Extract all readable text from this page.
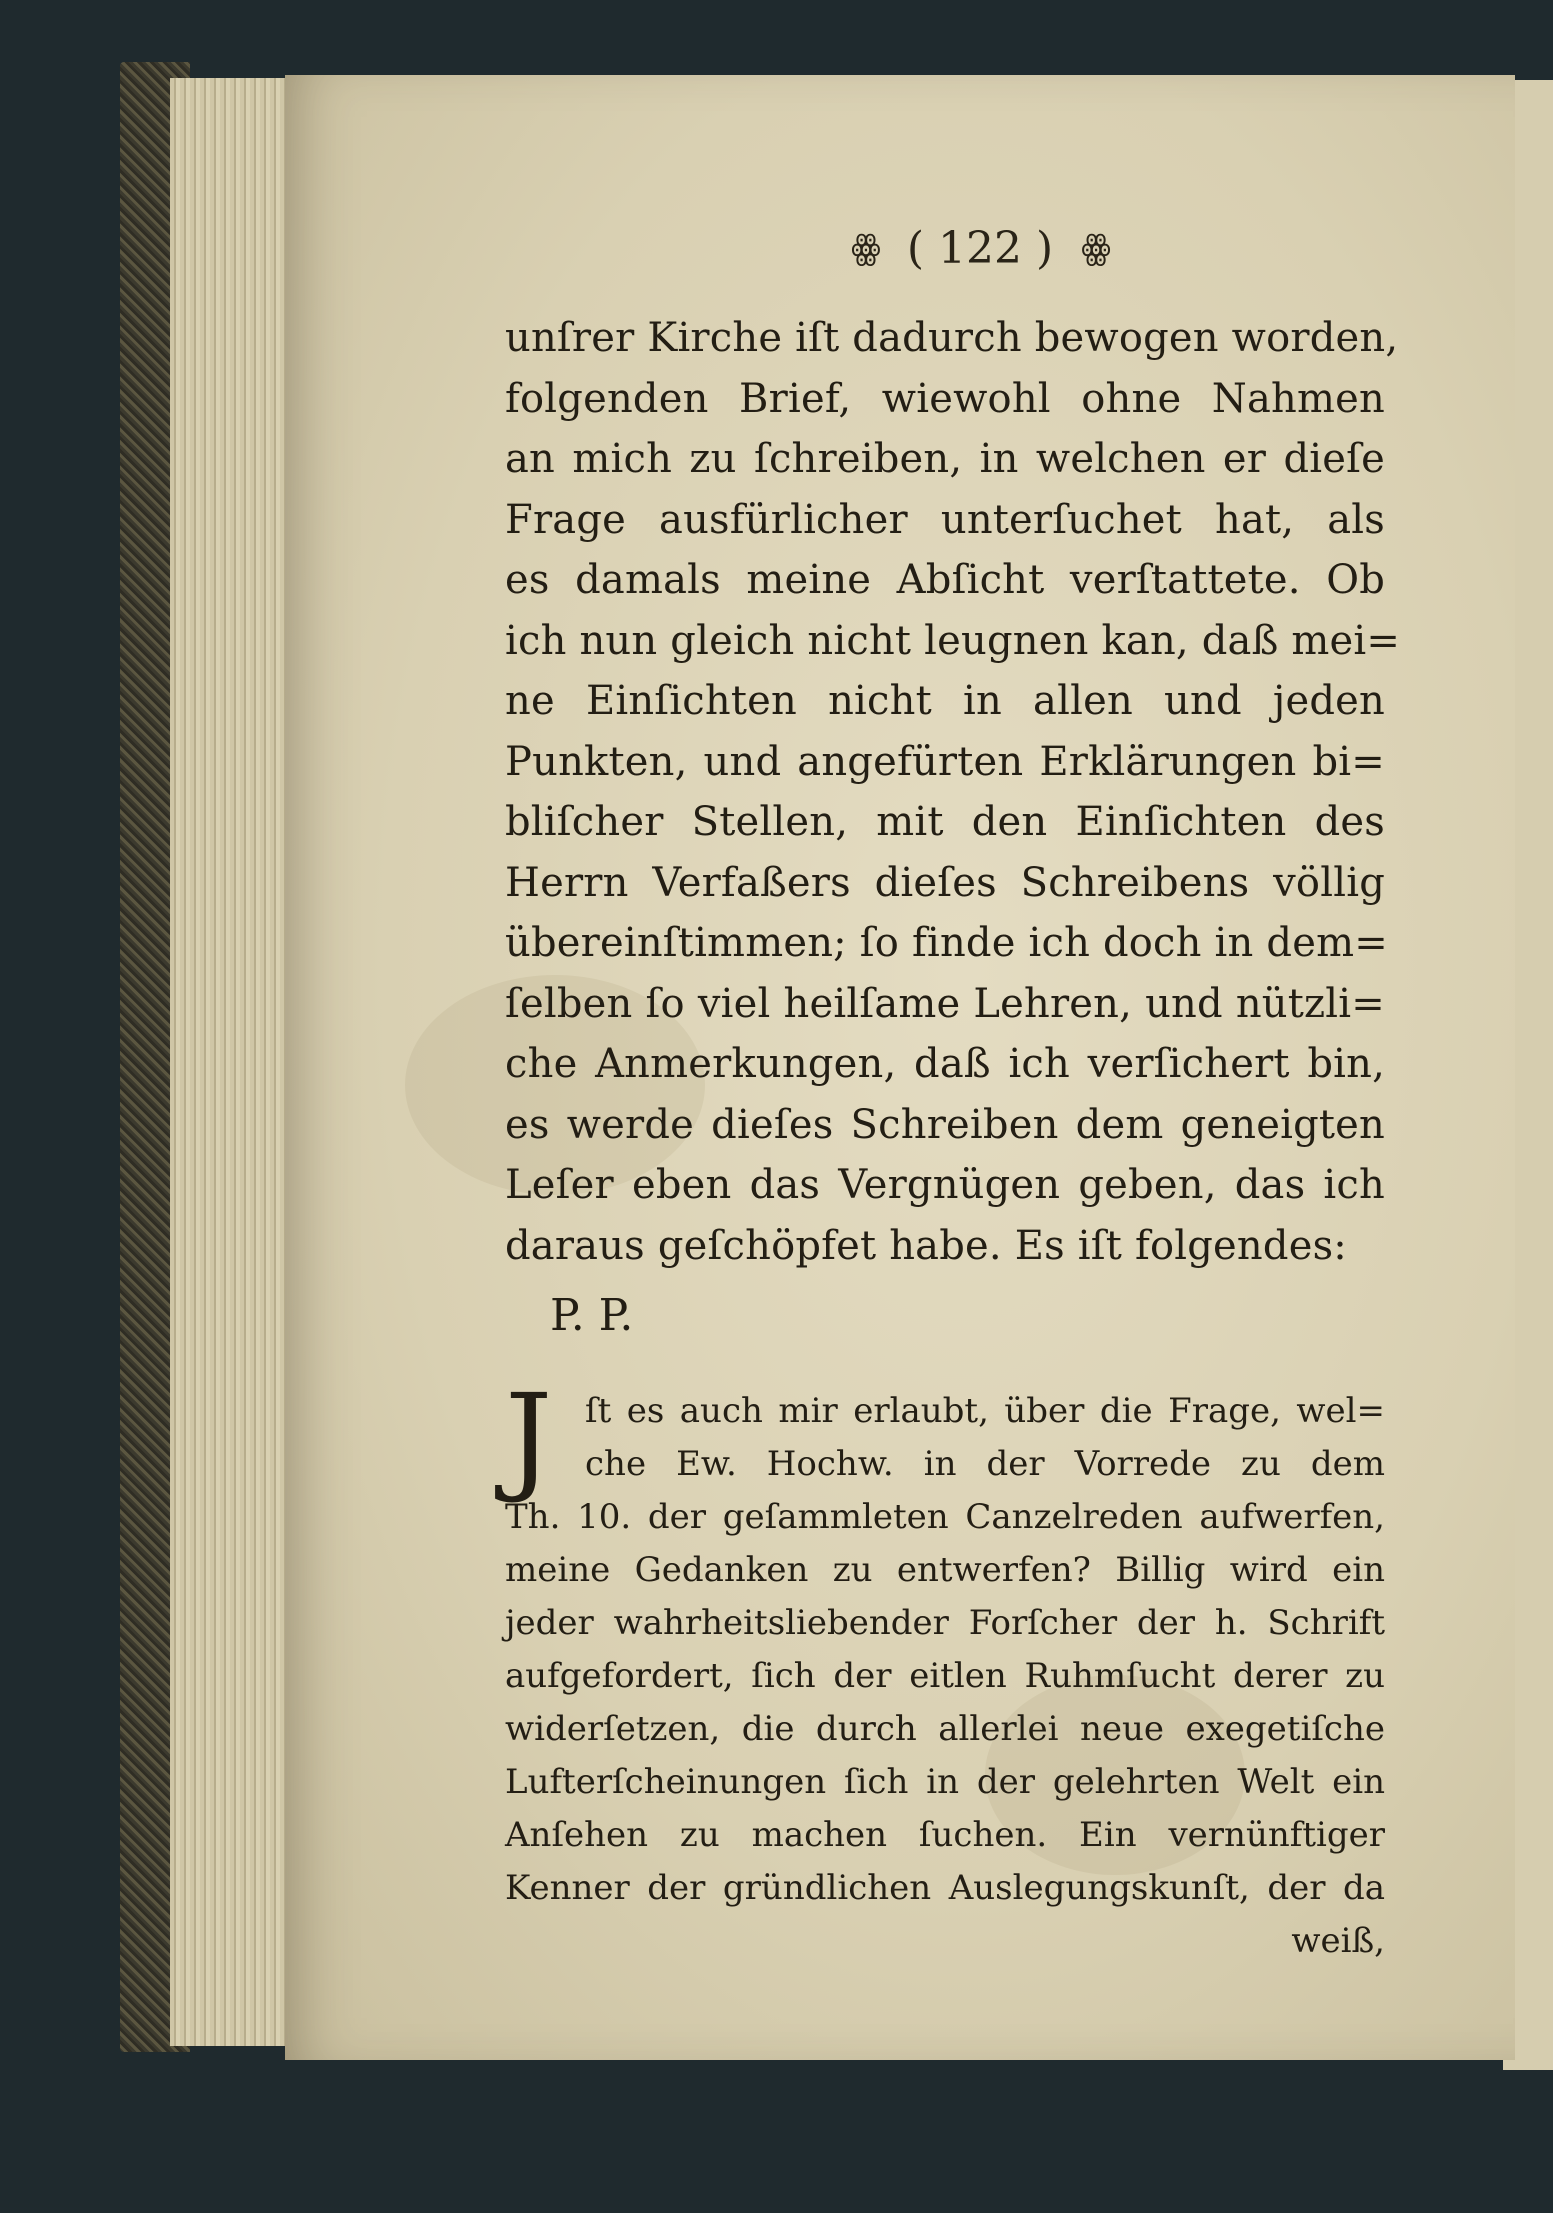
ꙮ ( 122 ) ꙮ
unſrer Kirche iſt dadurch bewogen worden,
folgenden Brief, wiewohl ohne Nahmen
an mich zu ſchreiben, in welchen er dieſe
Frage ausfürlicher unterſuchet hat, als
es damals meine Abſicht verſtattete. Ob
ich nun gleich nicht leugnen kan, daß mei=
ne Einſichten nicht in allen und jeden
Punkten, und angefürten Erklärungen bi=
bliſcher Stellen, mit den Einſichten des
Herrn Verfaßers dieſes Schreibens völlig
übereinſtimmen; ſo finde ich doch in dem=
ſelben ſo viel heilſame Lehren, und nützli=
che Anmerkungen, daß ich verſichert bin,
es werde dieſes Schreiben dem geneigten
Leſer eben das Vergnügen geben, das ich
daraus geſchöpfet habe. Es iſt folgendes:
P. P.
J ſt es auch mir erlaubt, über die Frage, wel=
che Ew. Hochw. in der Vorrede zu dem
Th. 10. der geſammleten Canzelreden aufwerfen,
meine Gedanken zu entwerfen? Billig wird ein
jeder wahrheitsliebender Forſcher der h. Schrift
aufgefordert, ſich der eitlen Ruhmſucht derer zu
widerſetzen, die durch allerlei neue exegetiſche
Lufterſcheinungen ſich in der gelehrten Welt ein
Anſehen zu machen ſuchen. Ein vernünftiger
Kenner der gründlichen Auslegungskunſt, der da
weiß,
